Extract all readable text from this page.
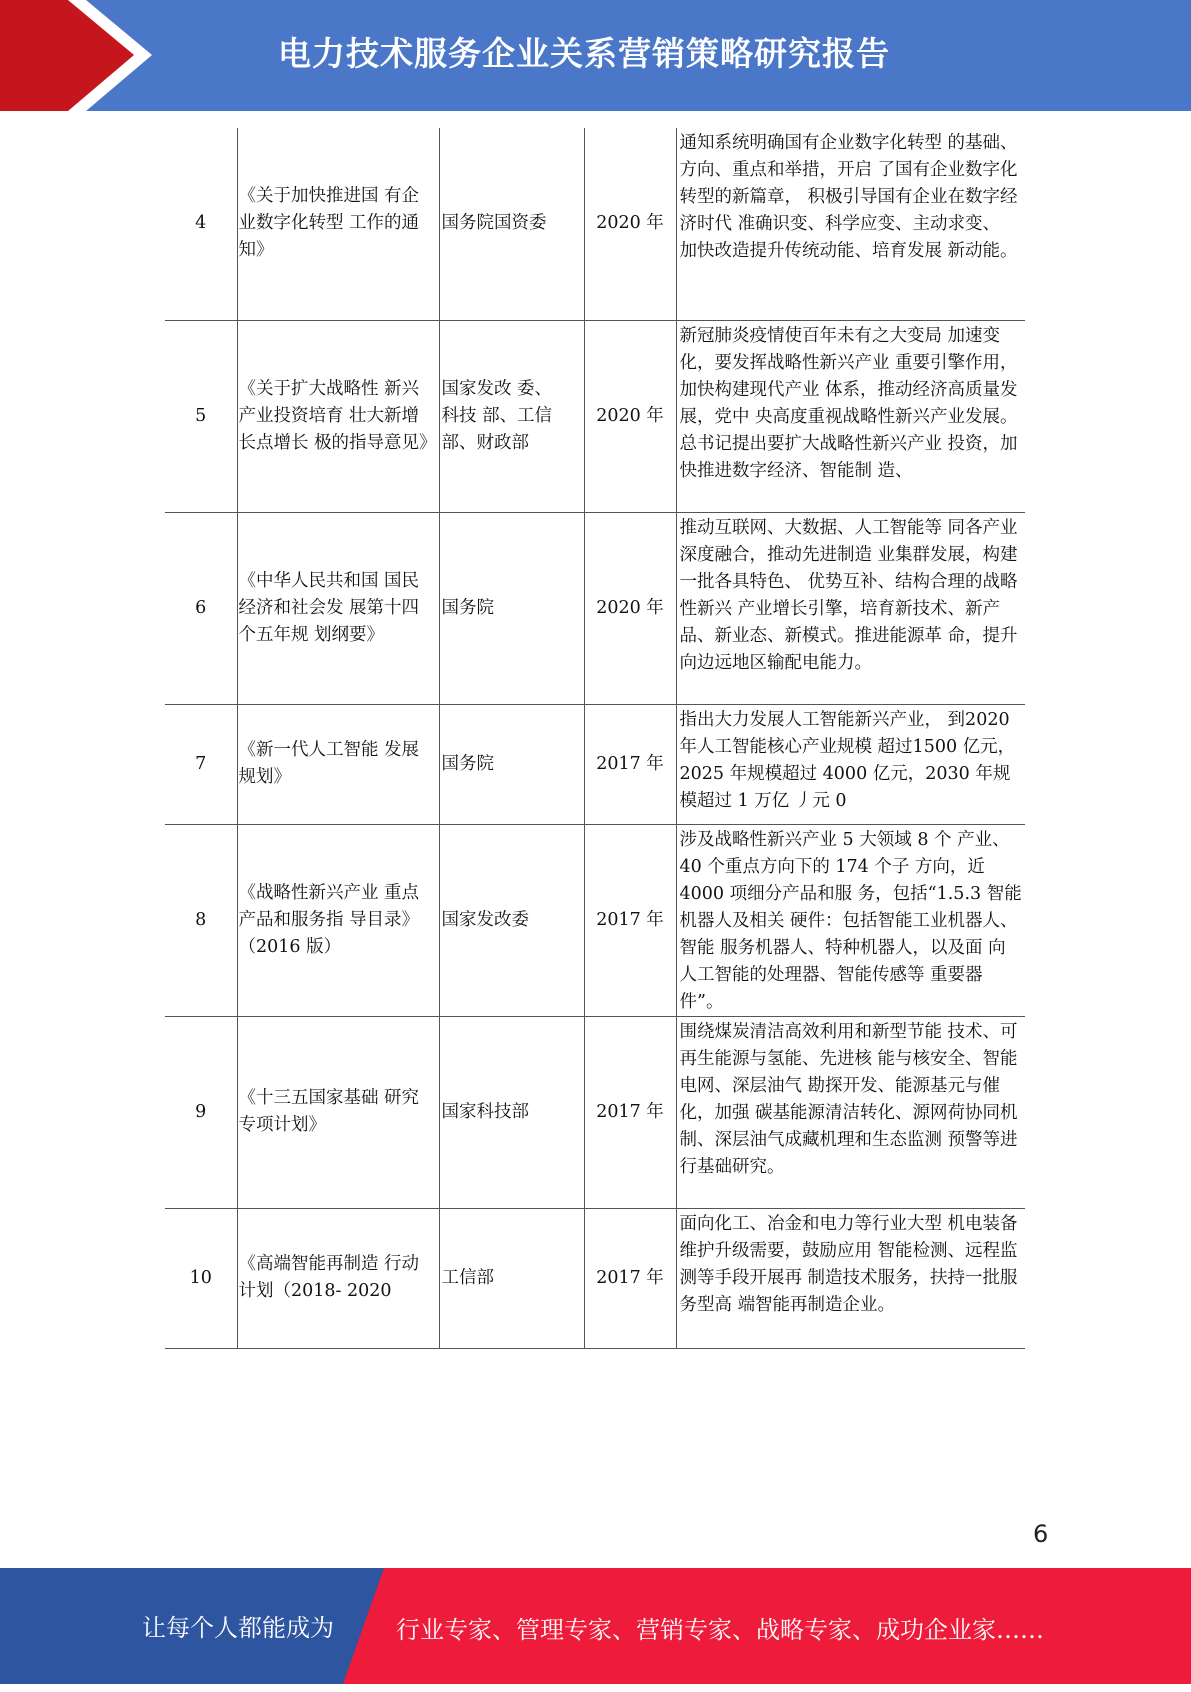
电力技术服务企业关系营销策略研究报告
4	《关于加快推进国 有企业数字化转型 工作的通知》	国务院国资委	2020 年	通知系统明确国有企业数字化转型 的基础、方向、重点和举措，开启 了国有企业数字化转型的新篇章， 积极引导国有企业在数字经济时代 准确识变、科学应变、主动求变、 加快改造提升传统动能、培育发展 新动能。

5	《关于扩大战略性 新兴产业投资培育 壮大新增长点增长 极的指导意见》	国家发改 委、科技 部、工信部、财政部	2020 年	新冠肺炎疫情使百年未有之大变局 加速变化，要发挥战略性新兴产业 重要引擎作用，加快构建现代产业 体系，推动经济高质量发展，党中 央高度重视战略性新兴产业发展。
总书记提出要扩大战略性新兴产业 投资，加快推进数字经济、智能制 造、

6	《中华人民共和国 国民经济和社会发 展第十四个五年规 划纲要》	国务院	2020 年	推动互联网、大数据、人工智能等 同各产业深度融合，推动先进制造 业集群发展，构建一批各具特色、 优势互补、结构合理的战略性新兴 产业增长引擎，培育新技术、新产 品、新业态、新模式。推进能源革 命，提升向边远地区输配电能力。

7	《新一代人工智能 发展规划》	国务院	2017 年	指出大力发展人工智能新兴产业， 到2020 年人工智能核心产业规模 超过1500 亿元，2025 年规模超过 4000 亿元，2030 年规模超过 1 万亿 丿元 0

8	《战略性新兴产业 重点产品和服务指 导目录》（2016 版）	国家发改委	2017 年	涉及战略性新兴产业 5 大领域 8 个 产业、40 个重点方向下的 174 个子 方向，近 4000 项细分产品和服 务，包括“1.5.3 智能机器人及相关 硬件：包括智能工业机器人、智能 服务机器人、特种机器人，以及面 向人工智能的处理器、智能传感等 重要器件”。

9	《十三五国家基础 研究专项计划》	国家科技部	2017 年	围绕煤炭清洁高效利用和新型节能 技术、可再生能源与氢能、先进核 能与核安全、智能电网、深层油气 勘探开发、能源基元与催化，加强 碳基能源清洁转化、源网荷协同机制、深层油气成藏机理和生态监测 预警等进行基础研究。

10	《高端智能再制造 行动计划（2018- 2020	工信部	2017 年	面向化工、冶金和电力等行业大型 机电装备维护升级需要，鼓励应用 智能检测、远程监测等手段开展再 制造技术服务，扶持一批服务型高 端智能再制造企业。
6
让每个人都能成为	行业专家、管理专家、营销专家、战略专家、成功企业家……
